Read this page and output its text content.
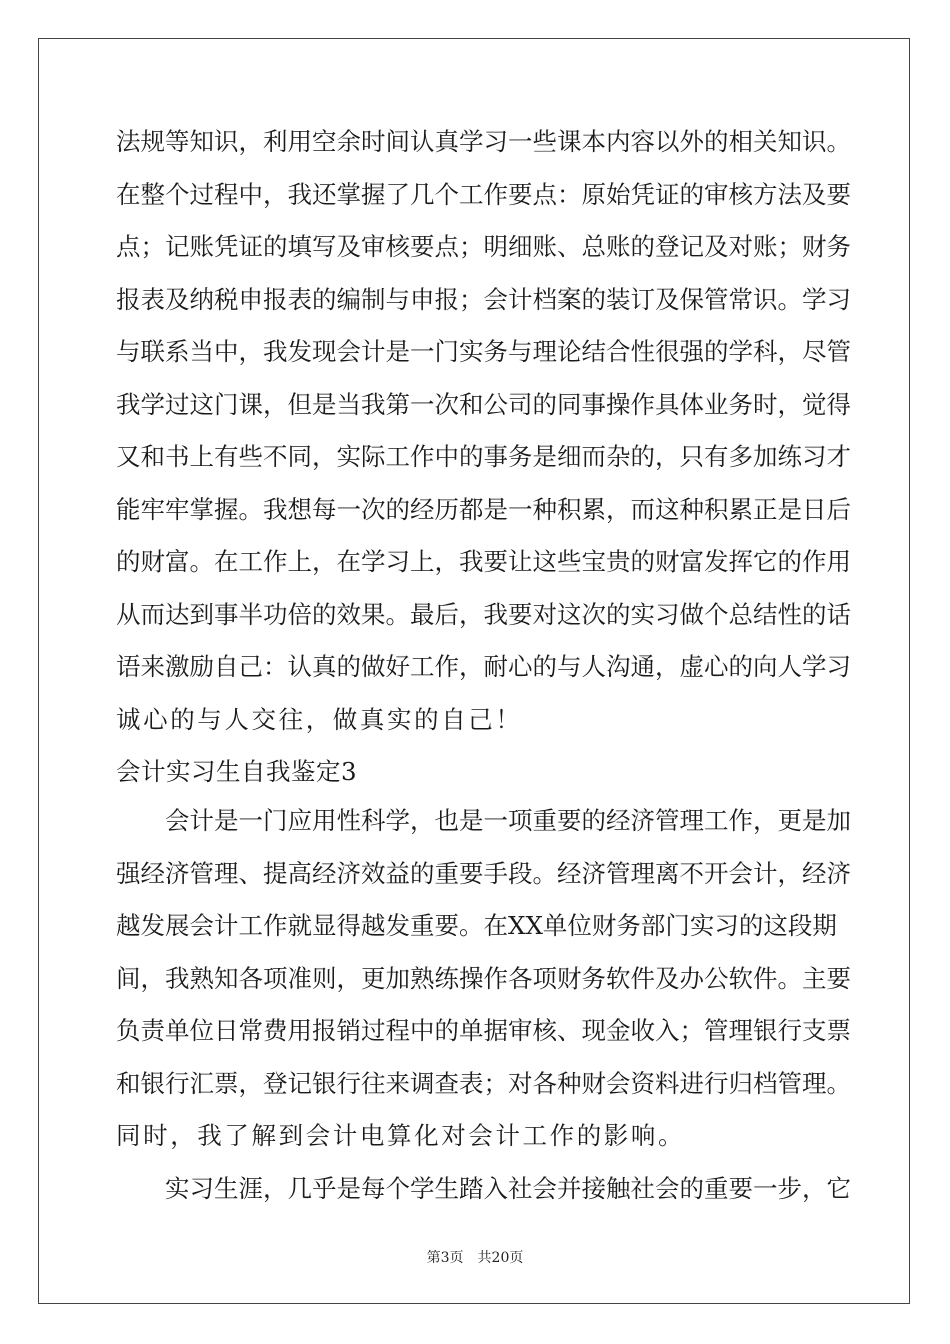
法规等知识，利用空余时间认真学习一些课本内容以外的相关知识。
在整个过程中，我还掌握了几个工作要点：原始凭证的审核方法及要
点；记账凭证的填写及审核要点；明细账、总账的登记及对账；财务
报表及纳税申报表的编制与申报；会计档案的装订及保管常识。学习
与联系当中，我发现会计是一门实务与理论结合性很强的学科，尽管
我学过这门课，但是当我第一次和公司的同事操作具体业务时，觉得
又和书上有些不同，实际工作中的事务是细而杂的，只有多加练习才
能牢牢掌握。我想每一次的经历都是一种积累，而这种积累正是日后
的财富。在工作上，在学习上，我要让这些宝贵的财富发挥它的作用
从而达到事半功倍的效果。最后，我要对这次的实习做个总结性的话
语来激励自己：认真的做好工作，耐心的与人沟通，虚心的向人学习
诚心的与人交往，做真实的自己！
会计实习生自我鉴定3
会计是一门应用性科学，也是一项重要的经济管理工作，更是加
强经济管理、提高经济效益的重要手段。经济管理离不开会计，经济
越发展会计工作就显得越发重要。在XX单位财务部门实习的这段期
间，我熟知各项准则，更加熟练操作各项财务软件及办公软件。主要
负责单位日常费用报销过程中的单据审核、现金收入；管理银行支票
和银行汇票，登记银行往来调查表；对各种财会资料进行归档管理。
同时，我了解到会计电算化对会计工作的影响。
实习生涯，几乎是每个学生踏入社会并接触社会的重要一步，它
第3页 共20页
